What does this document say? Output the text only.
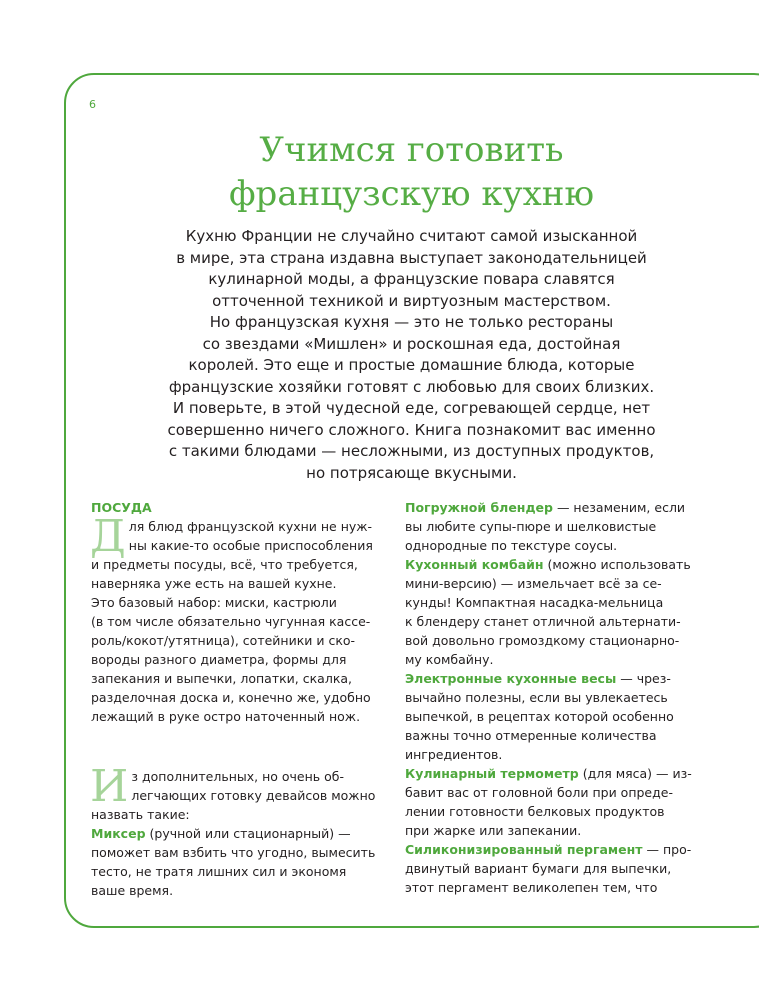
6
Учимся готовить
французскую кухню

Кухню Франции не случайно считают самой изысканной
в мире, эта страна издавна выступает законодательницей
кулинарной моды, а французские повара славятся
отточенной техникой и виртуозным мастерством.
Но французская кухня — это не только рестораны
со звездами «Мишлен» и роскошная еда, достойная
королей. Это еще и простые домашние блюда, которые
французские хозяйки готовят с любовью для своих близких.
И поверьте, в этой чудесной еде, согревающей сердце, нет
совершенно ничего сложного. Книга познакомит вас именно
с такими блюдами — несложными, из доступных продуктов,
но потрясающе вкусными.

ПОСУДА
Д ля блюд французской кухни не нуж-
ны какие-то особые приспособления
и предметы посуды, всё, что требуется,
наверняка уже есть на вашей кухне.
Это базовый набор: миски, кастрюли
(в том числе обязательно чугунная кассе-
роль/кокот/утятница), сотейники и ско-
вороды разного диаметра, формы для
запекания и выпечки, лопатки, скалка,
разделочная доска и, конечно же, удобно
лежащий в руке остро наточенный нож.
И з дополнительных, но очень об-
легчающих готовку девайсов можно
назвать такие:
Миксер (ручной или стационарный) —
поможет вам взбить что угодно, вымесить
тесто, не тратя лишних сил и экономя
ваше время.
Погружной блендер — незаменим, если
вы любите супы-пюре и шелковистые
однородные по текстуре соусы.
Кухонный комбайн (можно использовать
мини-версию) — измельчает всё за се-
кунды! Компактная насадка-мельница
к блендеру станет отличной альтернати-
вой довольно громоздкому стационарно-
му комбайну.
Электронные кухонные весы — чрез-
вычайно полезны, если вы увлекаетесь
выпечкой, в рецептах которой особенно
важны точно отмеренные количества
ингредиентов.
Кулинарный термометр (для мяса) — из-
бавит вас от головной боли при опреде-
лении готовности белковых продуктов
при жарке или запекании.
Силиконизированный пергамент — про-
двинутый вариант бумаги для выпечки,
этот пергамент великолепен тем, что
